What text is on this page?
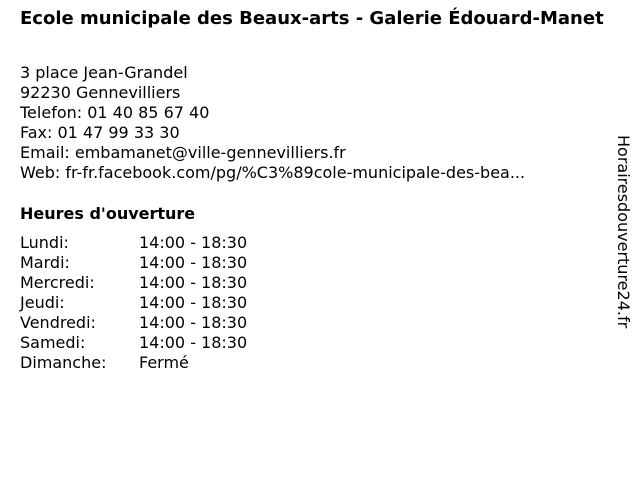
Ecole municipale des Beaux-arts - Galerie Édouard-Manet
3 place Jean-Grandel
92230 Gennevilliers
Telefon: 01 40 85 67 40
Fax: 01 47 99 33 30
Email: embamanet@ville-gennevilliers.fr
Web: fr-fr.facebook.com/pg/%C3%89cole-municipale-des-bea...
Heures d'ouverture
Lundi:	14:00 - 18:30
Mardi:	14:00 - 18:30
Mercredi:	14:00 - 18:30
Jeudi:	14:00 - 18:30
Vendredi:	14:00 - 18:30
Samedi:	14:00 - 18:30
Dimanche:	Fermé
Horairesdouverture24.fr
